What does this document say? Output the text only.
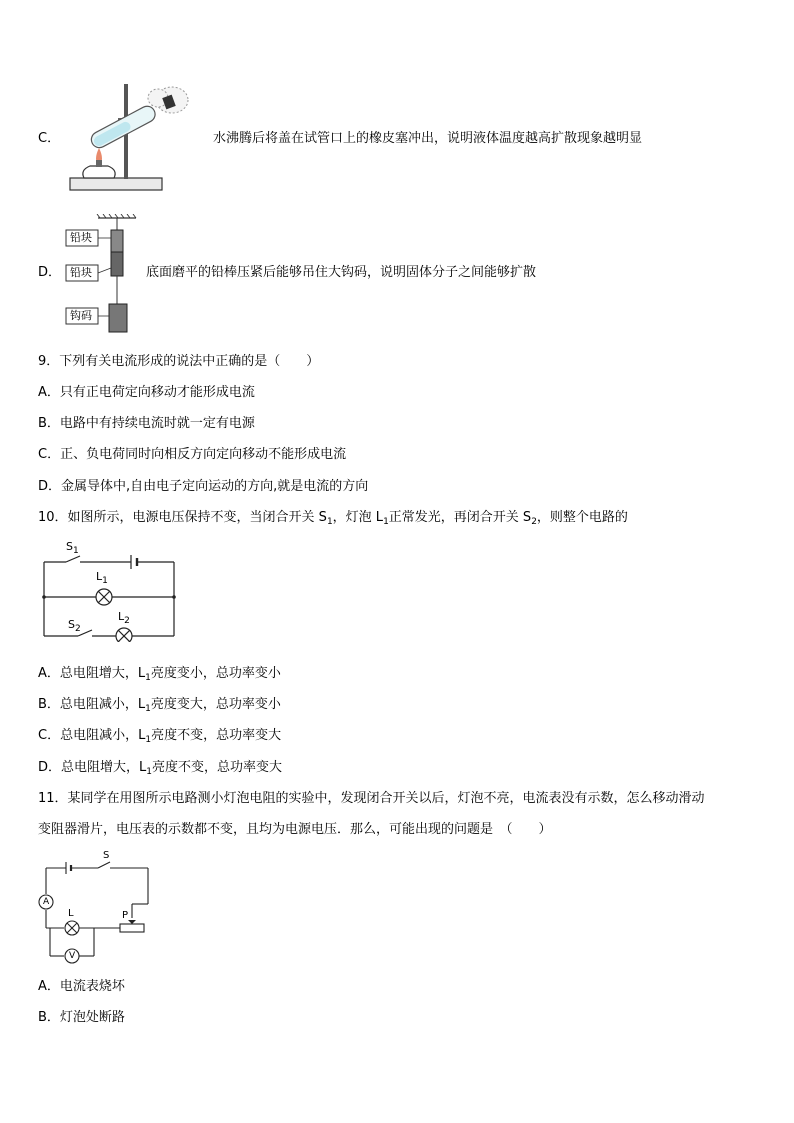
C．	水沸腾后将盖在试管口上的橡皮塞冲出，说明液体温度越高扩散现象越明显
D．
铅块
铅块
钩码
底面磨平的铅棒压紧后能够吊住大钩码，说明固体分子之间能够扩散
9．下列有关电流形成的说法中正确的是（　　）
A．只有正电荷定向移动才能形成电流
B．电路中有持续电流时就一定有电源
C．正、负电荷同时向相反方向定向移动不能形成电流
D．金属导体中,自由电子定向运动的方向,就是电流的方向
10．如图所示，电源电压保持不变，当闭合开关 $S_1$，灯泡 $L_1$正常发光，再闭合开关 $S_2$，则整个电路的
$S_1$
$L_1$
$S_2$
$L_2$
A．总电阻增大，$L_1$亮度变小，总功率变小
B．总电阻减小，$L_1$亮度变大，总功率变小
C．总电阻减小，$L_1$亮度不变，总功率变大
D．总电阻增大，$L_1$亮度不变，总功率变大
11．某同学在用图所示电路测小灯泡电阻的实验中，发现闭合开关以后，灯泡不亮，电流表没有示数，怎么移动滑动
变阻器滑片，电压表的示数都不变，且均为电源电压．那么，可能出现的问题是　（　　）
S
A
L	P
V
A．电流表烧坏
B．灯泡处断路
